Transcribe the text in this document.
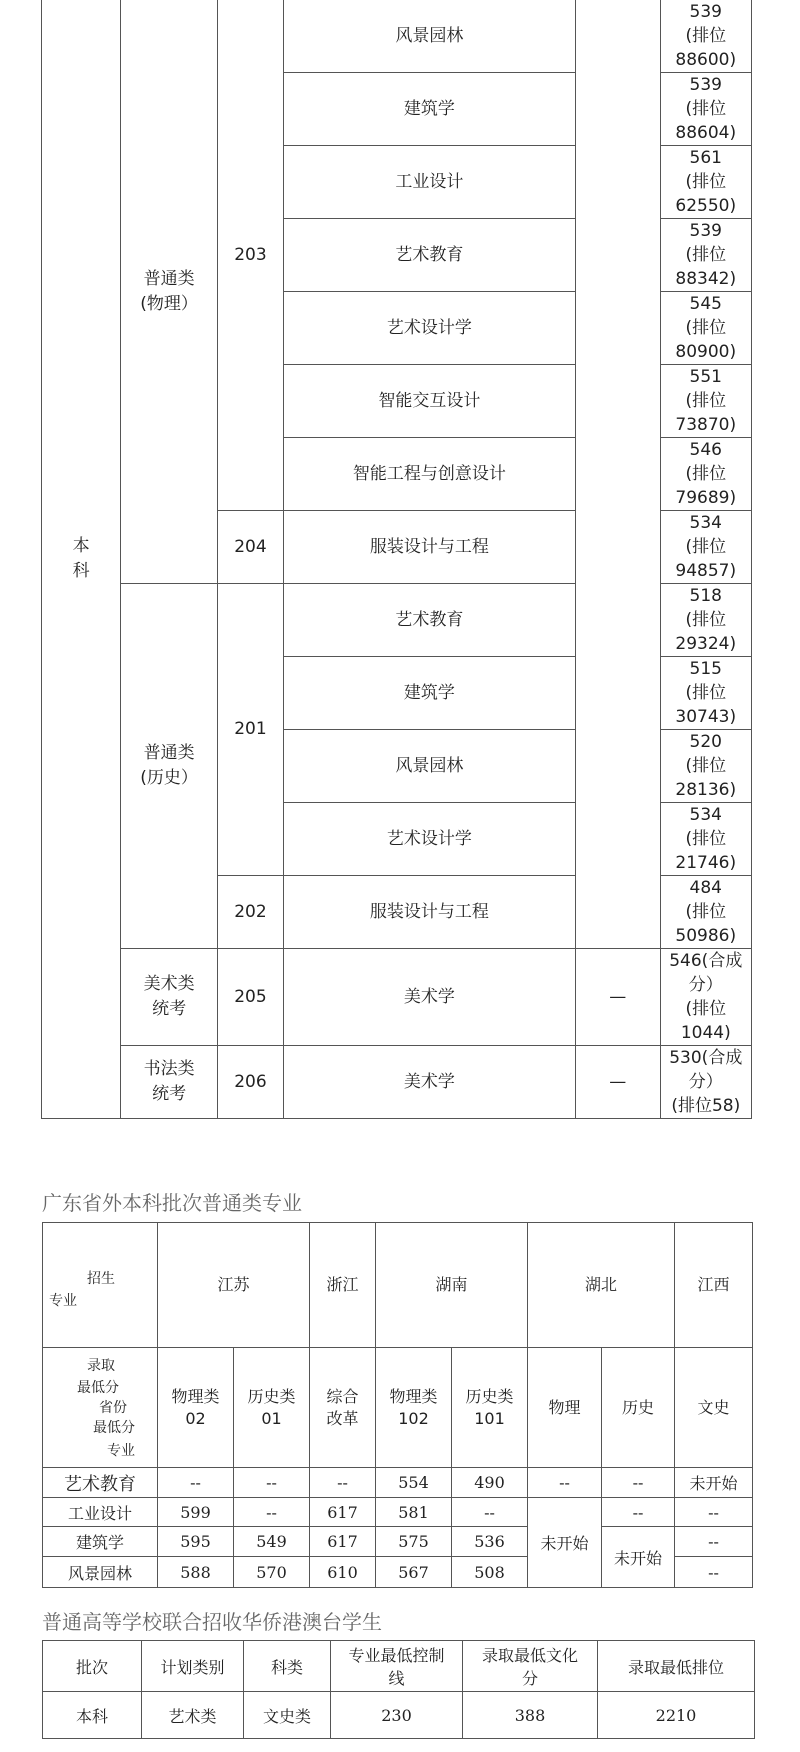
本科	普通类
(物理）	203	风景园林		539
(排位
88600)
			建筑学		539
(排位
88604)
			工业设计		561
(排位
62550)
			艺术教育		539
(排位
88342)
			艺术设计学		545
(排位
80900)
			智能交互设计		551
(排位
73870)
			智能工程与创意设计		546
(排位
79689)
		204	服装设计与工程		534
(排位
94857)
	普通类
(历史）	201	艺术教育		518
(排位
29324)
			建筑学		515
(排位
30743)
			风景园林		520
(排位
28136)
			艺术设计学		534
(排位
21746)
		202	服装设计与工程		484
(排位
50986)
	美术类
统考	205	美术学	—	546(合成
分）
(排位
1044)
	书法类
统考	206	美术学	—	530(合成
分）
(排位58)
广东省外本科批次普通类专业
招生
专业	江苏		浙江	湖南		湖北		江西

录取
最低分
省份
最低分
专业	物理类
02	历史类
01	综合
改革	物理类
102	历史类
101	物理	历史	文史
艺术教育	--	--	--	554	490	--	--	未开始
工业设计	599	--	617	581	--	未开始	--	--
建筑学	595	549	617	575	536		未开始	--
风景园林	588	570	610	567	508			--
普通高等学校联合招收华侨港澳台学生
批次	计划类别	科类	专业最低控制
线	录取最低文化
分	录取最低排位
本科	艺术类	文史类	230	388	2210
